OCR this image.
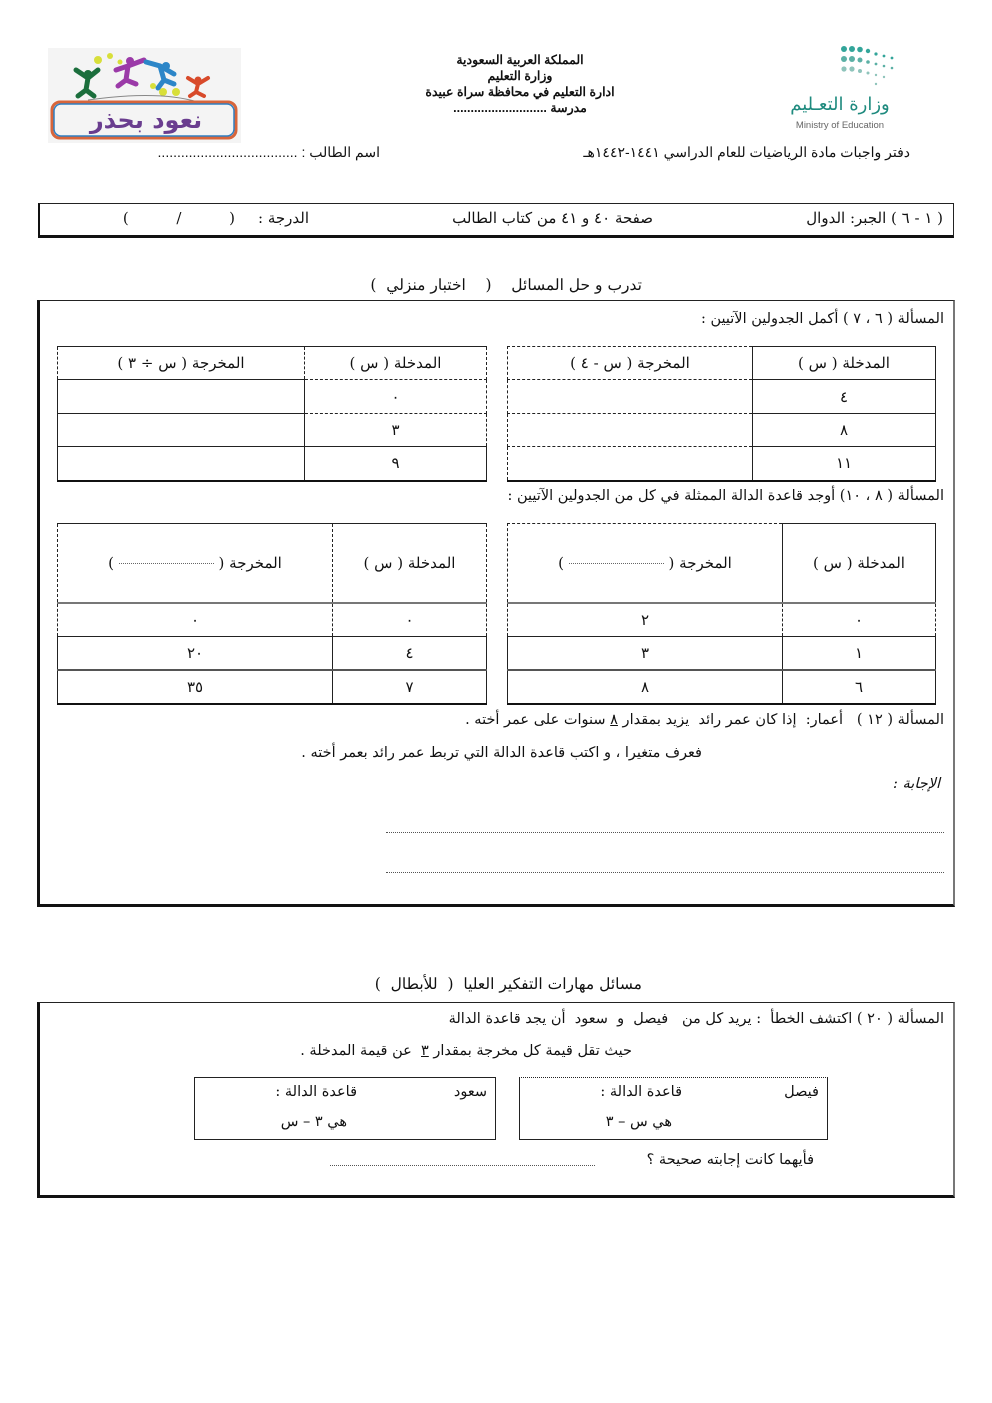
نعود بحذر
المملكة العربية السعودية
وزارة التعليم
ادارة التعليم في محافظة سراة عبيدة
مدرسة ...........................	وزارة التعـليم
Ministry of Education
دفتر واجبات مادة الرياضيات للعام الدراسي ١٤٤١-١٤٤٢هـ
اسم الطالب : ....................................
( ١ - ٦ ) الجبر: الدوال
صفحة ٤٠ و ٤١ من كتاب الطالب
الدرجة :
(          /          )
تدرب و حل المسائل    (    اختبار منزلي  )
المسألة ( ٦ ، ٧ ) أكمل الجدولين الآتيين :
المدخلة ( س )	المخرجة ( س - ٤ )
٤	
٨	
١١	
المدخلة ( س )	المخرجة ( س ÷ ٣ )
٠	
٣	
٩	
المسألة ( ٨ ، ١٠) أوجد قاعدة الدالة الممثلة في كل من الجدولين الآتيين :
المدخلة ( س )	المخرجة (  )
٠	٢
١	٣
٦	٨
المدخلة ( س )	المخرجة (  )
٠	٠
٤	٢٠
٧	٣٥
المسألة ( ١٢ )   أعمار:  إذا كان عمر رائد  يزيد بمقدار ٨ سنوات على عمر أخته .
فعرف متغيرا ، و اكتب قاعدة الدالة التي تربط عمر رائد بعمر أخته .
الإجابة :
مسائل مهارات التفكير العليا  (  للأبطال  )
المسألة ( ٢٠ ) اكتشف الخطأ  : يريد كل من   فيصل  و  سعود  أن يجد قاعدة الدالة
حيث تقل قيمة كل مخرجة بمقدار ٣  عن قيمة المدخلة .
فيصل
قاعدة الدالة :
هي س – ٣
سعود
قاعدة الدالة :
هي ٣ – س
فأيهما كانت إجابته صحيحة ؟
